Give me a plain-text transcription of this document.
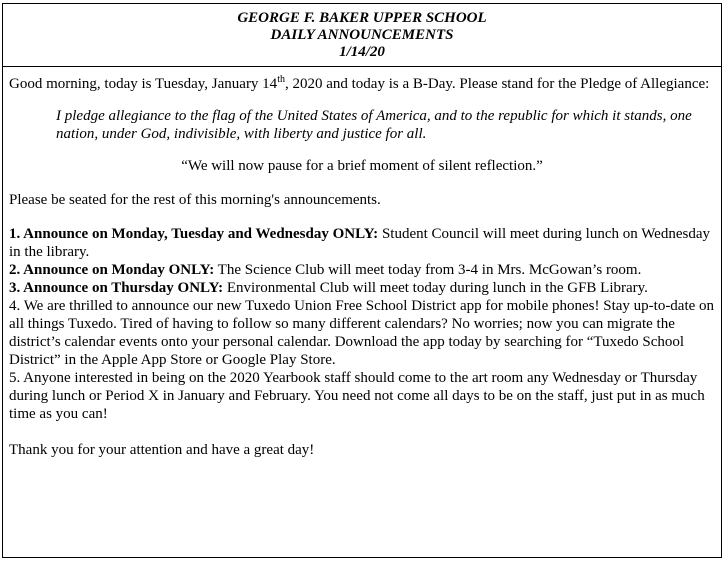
GEORGE F. BAKER UPPER SCHOOL
DAILY ANNOUNCEMENTS
1/14/20

Good morning, today is Tuesday, January 14th, 2020 and today is a B-Day. Please stand for the Pledge of Allegiance:

I pledge allegiance to the flag of the United States of America, and to the republic for which it stands, one nation, under God, indivisible, with liberty and justice for all.

“We will now pause for a brief moment of silent reflection.”

Please be seated for the rest of this morning's announcements.

1. Announce on Monday, Tuesday and Wednesday ONLY: Student Council will meet during lunch on Wednesday in the library.

2. Announce on Monday ONLY: The Science Club will meet today from 3-4 in Mrs. McGowan’s room.

3. Announce on Thursday ONLY: Environmental Club will meet today during lunch in the GFB Library.

4. We are thrilled to announce our new Tuxedo Union Free School District app for mobile phones! Stay up-to-date on all things Tuxedo. Tired of having to follow so many different calendars? No worries; now you can migrate the district’s calendar events onto your personal calendar. Download the app today by searching for “Tuxedo School District” in the Apple App Store or Google Play Store.

5. Anyone interested in being on the 2020 Yearbook staff should come to the art room any Wednesday or Thursday during lunch or Period X in January and February. You need not come all days to be on the staff, just put in as much time as you can!

Thank you for your attention and have a great day!
